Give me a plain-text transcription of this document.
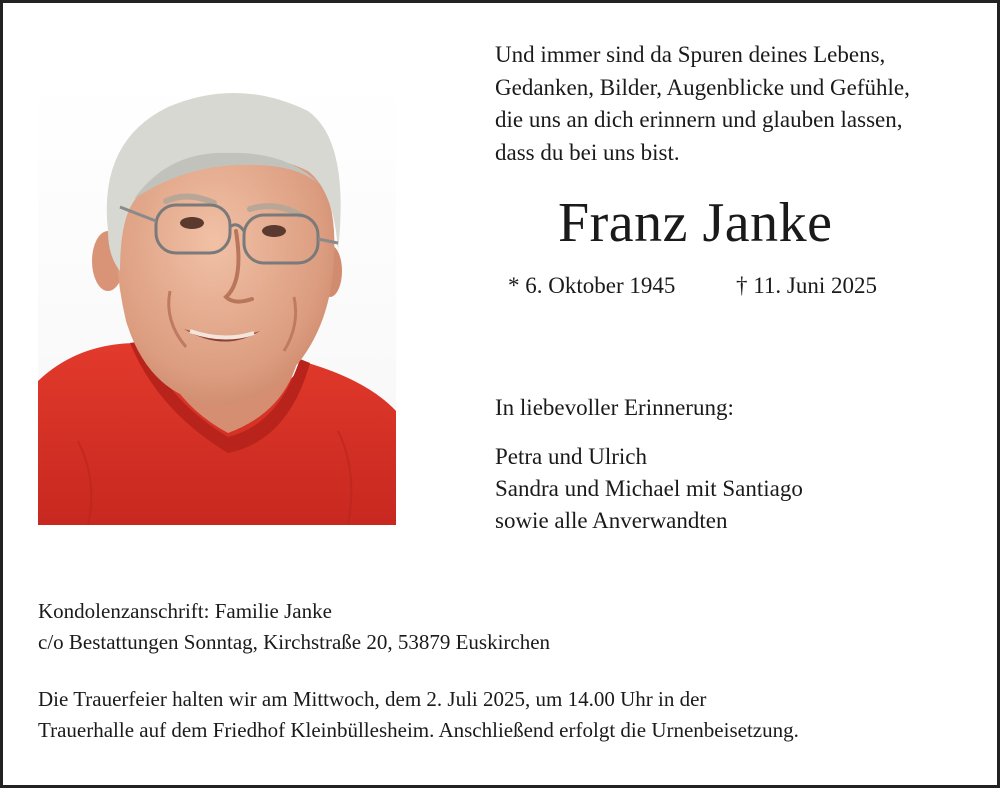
Und immer sind da Spuren deines Lebens,
Gedanken, Bilder, Augenblicke und Gefühle,
die uns an dich erinnern und glauben lassen,
dass du bei uns bist.

Franz Janke
* 6. Oktober 1945	† 11. Juni 2025
In liebevoller Erinnerung:

Petra und Ulrich
Sandra und Michael mit Santiago
sowie alle Anverwandten

Kondolenzanschrift: Familie Janke
c/o Bestattungen Sonntag, Kirchstraße 20, 53879 Euskirchen

Die Trauerfeier halten wir am Mittwoch, dem 2. Juli 2025, um 14.00 Uhr in der
Trauerhalle auf dem Friedhof Kleinbüllesheim. Anschließend erfolgt die Urnenbeisetzung.
